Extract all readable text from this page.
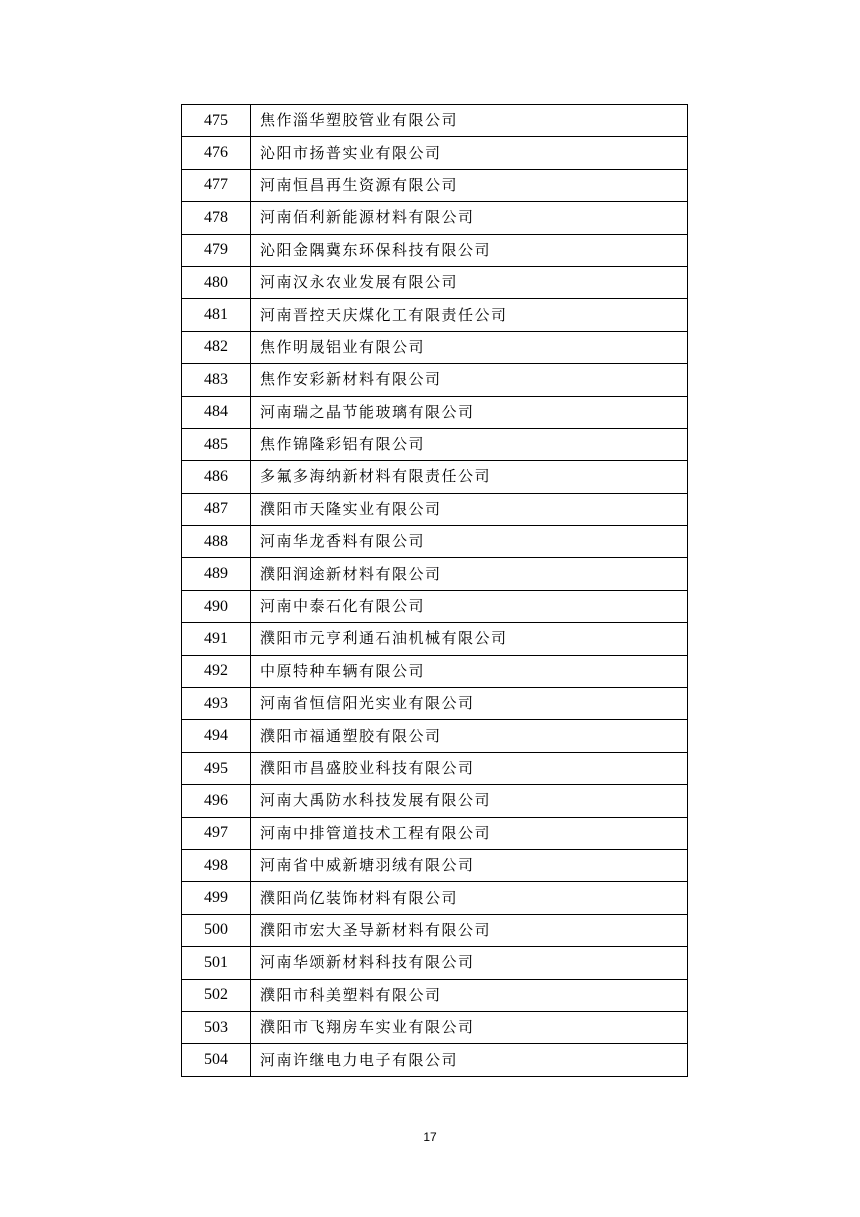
475	焦作淄华塑胶管业有限公司
476	沁阳市扬普实业有限公司
477	河南恒昌再生资源有限公司
478	河南佰利新能源材料有限公司
479	沁阳金隅冀东环保科技有限公司
480	河南汉永农业发展有限公司
481	河南晋控天庆煤化工有限责任公司
482	焦作明晟铝业有限公司
483	焦作安彩新材料有限公司
484	河南瑞之晶节能玻璃有限公司
485	焦作锦隆彩铝有限公司
486	多氟多海纳新材料有限责任公司
487	濮阳市天隆实业有限公司
488	河南华龙香料有限公司
489	濮阳润途新材料有限公司
490	河南中泰石化有限公司
491	濮阳市元亨利通石油机械有限公司
492	中原特种车辆有限公司
493	河南省恒信阳光实业有限公司
494	濮阳市福通塑胶有限公司
495	濮阳市昌盛胶业科技有限公司
496	河南大禹防水科技发展有限公司
497	河南中排管道技术工程有限公司
498	河南省中威新塘羽绒有限公司
499	濮阳尚亿装饰材料有限公司
500	濮阳市宏大圣导新材料有限公司
501	河南华颂新材料科技有限公司
502	濮阳市科美塑料有限公司
503	濮阳市飞翔房车实业有限公司
504	河南许继电力电子有限公司
17
